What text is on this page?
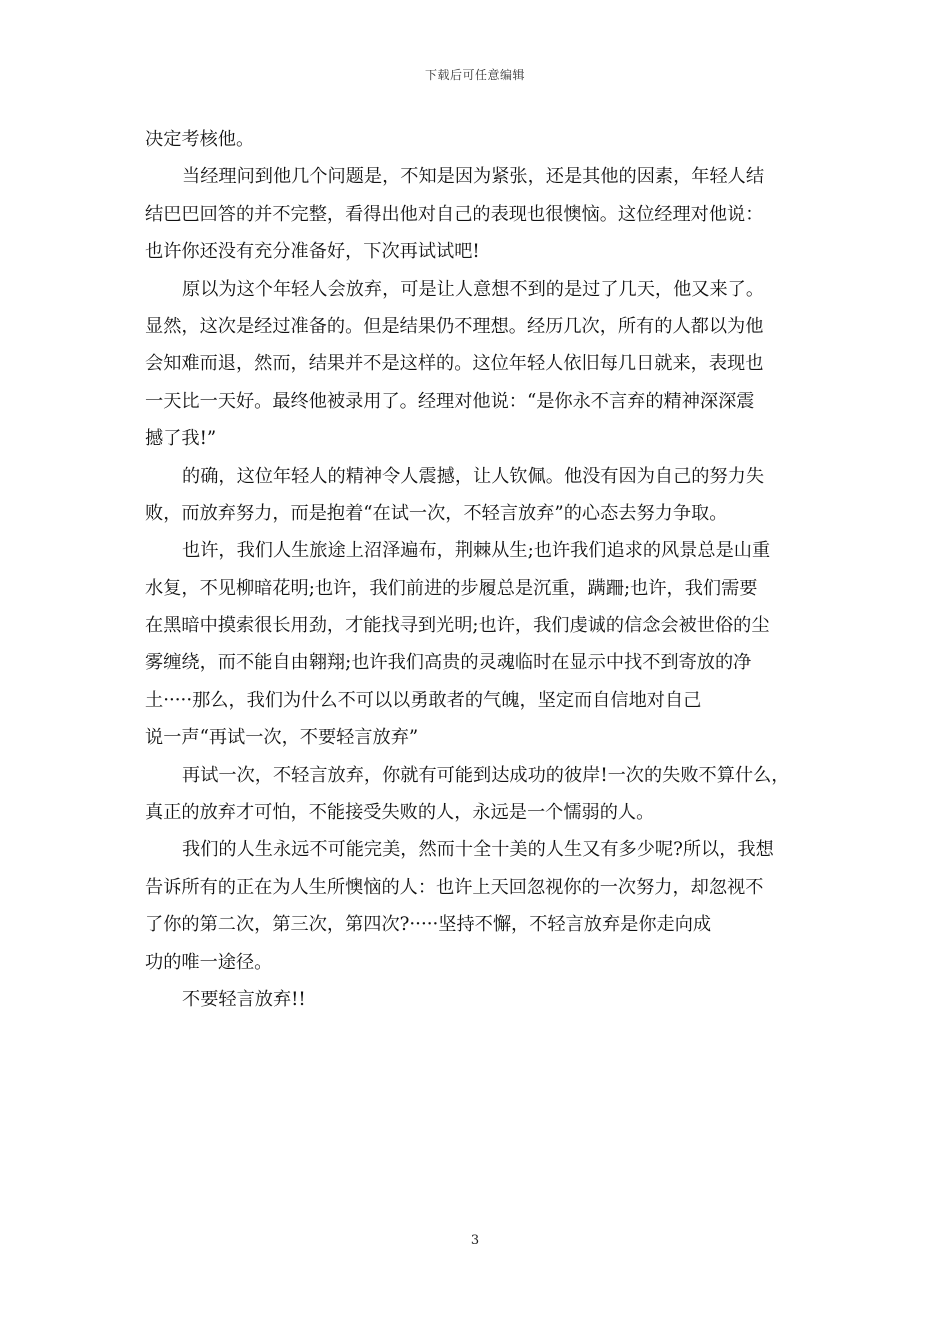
下载后可任意编辑
决定考核他。
当经理问到他几个问题是，不知是因为紧张，还是其他的因素，年轻人结
结巴巴回答的并不完整，看得出他对自己的表现也很懊恼。这位经理对他说：
也许你还没有充分准备好，下次再试试吧!
原以为这个年轻人会放弃，可是让人意想不到的是过了几天，他又来了。
显然，这次是经过准备的。但是结果仍不理想。经历几次，所有的人都以为他
会知难而退，然而，结果并不是这样的。这位年轻人依旧每几日就来，表现也
一天比一天好。最终他被录用了。经理对他说：“是你永不言弃的精神深深震
撼了我!”
的确，这位年轻人的精神令人震撼，让人钦佩。他没有因为自己的努力失
败，而放弃努力，而是抱着“在试一次，不轻言放弃”的心态去努力争取。
也许，我们人生旅途上沼泽遍布，荆棘从生;也许我们追求的风景总是山重
水复，不见柳暗花明;也许，我们前进的步履总是沉重，蹒跚;也许，我们需要
在黑暗中摸索很长用劲，才能找寻到光明;也许，我们虔诚的信念会被世俗的尘
雾缠绕，而不能自由翱翔;也许我们高贵的灵魂临时在显示中找不到寄放的净
土·····那么，我们为什么不可以以勇敢者的气魄，坚定而自信地对自己
说一声“再试一次，不要轻言放弃”
再试一次，不轻言放弃，你就有可能到达成功的彼岸!一次的失败不算什么，
真正的放弃才可怕，不能接受失败的人，永远是一个懦弱的人。
我们的人生永远不可能完美，然而十全十美的人生又有多少呢?所以，我想
告诉所有的正在为人生所懊恼的人：也许上天回忽视你的一次努力，却忽视不
了你的第二次，第三次，第四次?·····坚持不懈，不轻言放弃是你走向成
功的唯一途径。
不要轻言放弃!!
3
